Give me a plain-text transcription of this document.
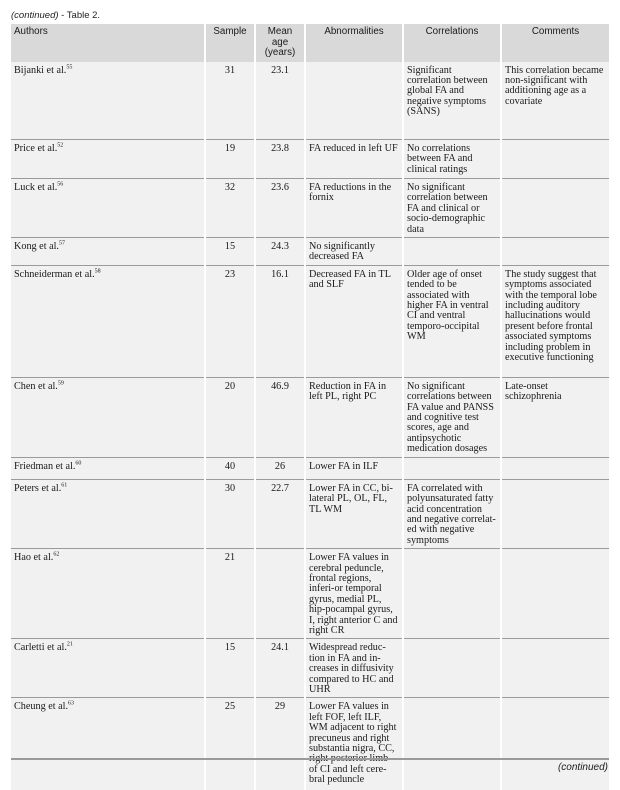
(continued) - Table 2.
Authors	Sample	Mean age (years)	Abnormalities	Correlations	Comments
Bijanki et al.$^{55}$	31	23.1		Significant correlation between global FA and negative symptoms (SANS)	This correlation became non-significant with additioning age as a covariate
Price et al.$^{52}$	19	23.8	FA reduced in left UF	No correlations between FA and clinical ratings	
Luck et al.$^{56}$	32	23.6	FA reductions in the fornix	No significant correlation between FA and clinical or socio-demographic data	
Kong et al.$^{57}$	15	24.3	No significantly decreased FA		
Schneiderman et al.$^{58}$	23	16.1	Decreased FA in TL and SLF	Older age of onset tended to be associated with higher FA in ventral CI and ventral temporo-occipital WM	The study suggest that symptoms associated with the temporal lobe including auditory hallucinations would present before frontal associated symptoms including problem in executive functioning
Chen et al.$^{59}$	20	46.9	Reduction in FA in left PL, right PC	No significant correlations between FA value and PANSS and cognitive test scores, age and antipsychotic medication dosages	Late-onset schizophrenia
Friedman et al.$^{60}$	40	26	Lower FA in ILF		
Peters et al.$^{61}$	30	22.7	Lower FA in CC, bi-lateral PL, OL, FL, TL WM	FA correlated with polyunsaturated fatty acid concentration and negative correlat-ed with negative symptoms	
Hao et al.$^{62}$	21		Lower FA values in cerebral peduncle, frontal regions, inferi-or temporal gyrus, medial PL, hip-pocampal gyrus, I, right anterior C and right CR		
Carletti et al.$^{21}$	15	24.1	Widespread reduc-tion in FA and in-creases in diffusivity compared to HC and UHR		
Cheung et al.$^{63}$	25	29	Lower FA values in left FOF, left ILF, WM adjacent to right precuneus and right substantia nigra, CC, of CI and left cere-bral peduncle		
(continued)
